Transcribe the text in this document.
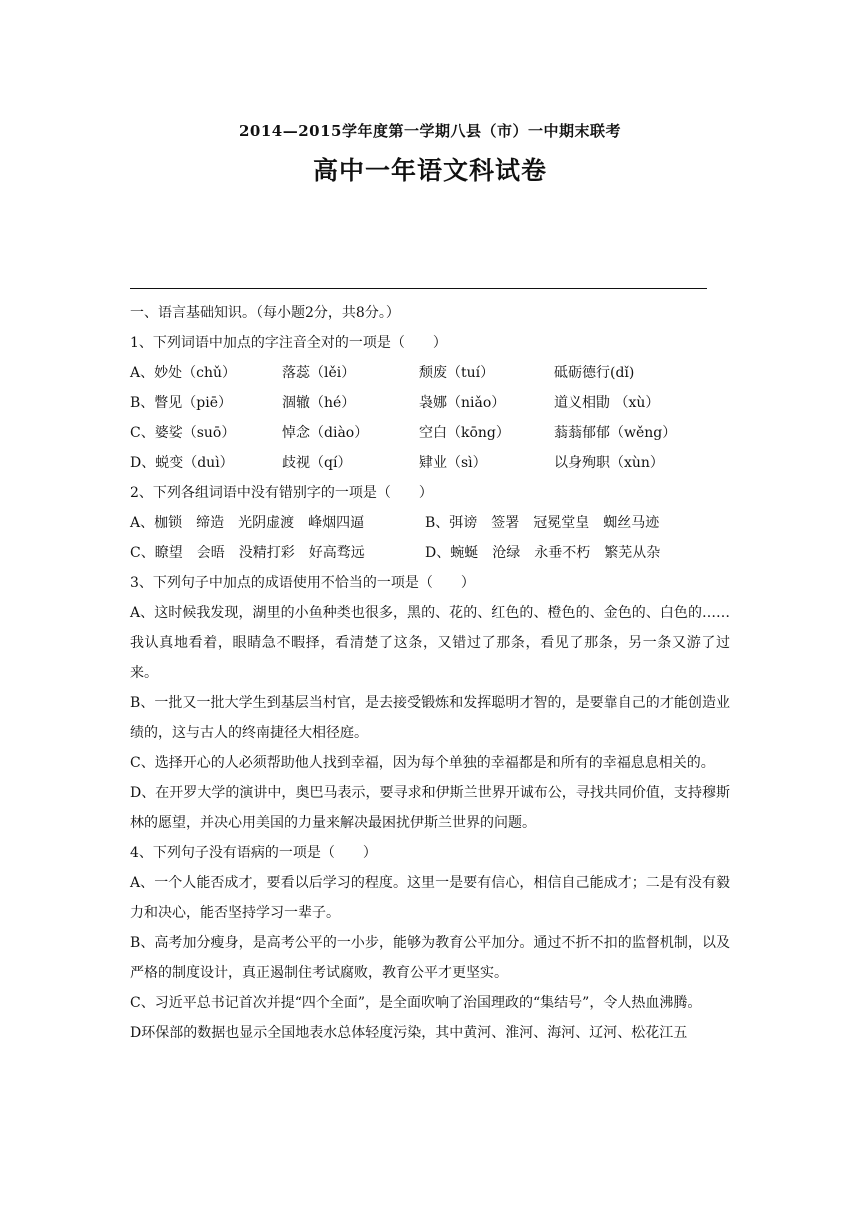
2014—2015学年度第一学期八县（市）一中期末联考
高中一年语文科试卷

一、语言基础知识。（每小题2分，共8分。）

1、下列词语中加点的字注音全对的一项是（　　）

A、妙处（chǔ）	落蕊（lěi）	颓废（tuí）	砥砺德行(dǐ)
B、瞥见（piē）	涸辙（hé）	袅娜（niǎo）	道义相勖 （xù）
C、婆娑（suō）	悼念（diào）	空白（kōng）	蓊蓊郁郁（wěng）
D、蜕变（duì）	歧视（qí）	肄业（sì）	以身殉职（xùn）

2、下列各组词语中没有错别字的一项是（　　）

A、枷锁　缔造　光阴虚渡　峰烟四逼	B、弭谤　签署　冠冕堂皇　蜘丝马迹
C、瞭望　会晤　没精打彩　好高骛远	D、蜿蜒　沧绿　永垂不朽　繁芜从杂

3、下列句子中加点的成语使用不恰当的一项是（　　）

A、这时候我发现，湖里的小鱼种类也很多，黑的、花的、红色的、橙色的、金色的、白色的……我认真地看着，眼睛急不暇择，看清楚了这条，又错过了那条，看见了那条，另一条又游了过来。

B、一批又一批大学生到基层当村官，是去接受锻炼和发挥聪明才智的，是要靠自己的才能创造业绩的，这与古人的终南捷径大相径庭。

C、选择开心的人必须帮助他人找到幸福，因为每个单独的幸福都是和所有的幸福息息相关的。

D、在开罗大学的演讲中，奥巴马表示，要寻求和伊斯兰世界开诚布公，寻找共同价值，支持穆斯林的愿望，并决心用美国的力量来解决最困扰伊斯兰世界的问题。

4、下列句子没有语病的一项是（　　）

A、一个人能否成才，要看以后学习的程度。这里一是要有信心，相信自己能成才；二是有没有毅力和决心，能否坚持学习一辈子。

B、高考加分瘦身，是高考公平的一小步，能够为教育公平加分。通过不折不扣的监督机制，以及严格的制度设计，真正遏制住考试腐败，教育公平才更坚实。

C、习近平总书记首次并提“四个全面”，是全面吹响了治国理政的“集结号”，令人热血沸腾。

D环保部的数据也显示全国地表水总体轻度污染，其中黄河、淮河、海河、辽河、松花江五
